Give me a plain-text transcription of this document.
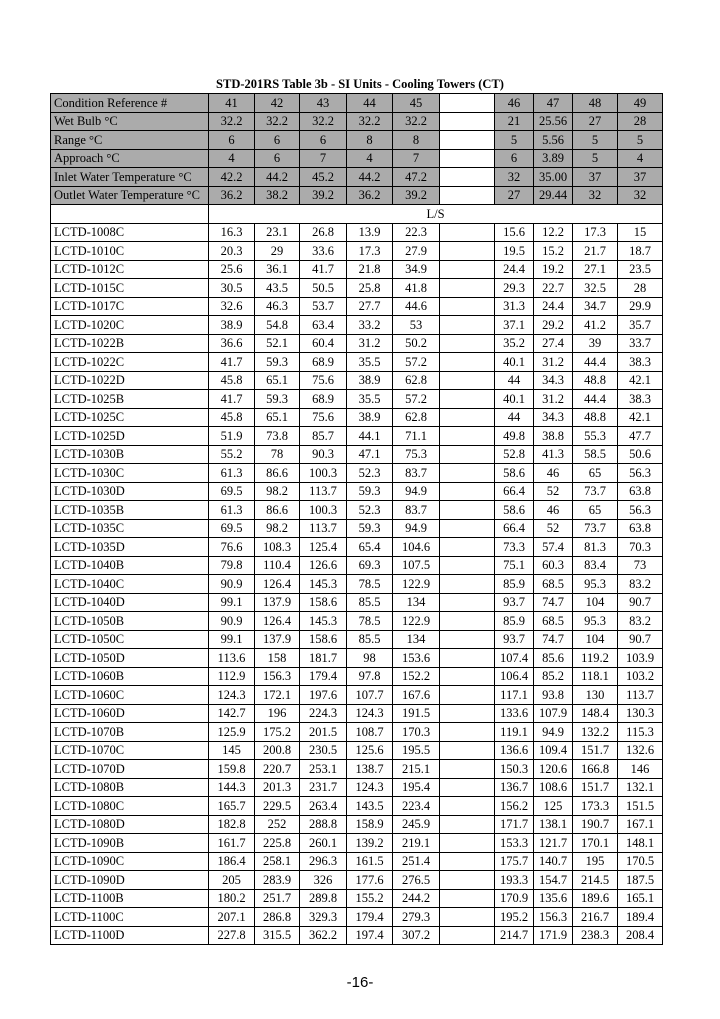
STD-201RS Table 3b - SI Units - Cooling Towers (CT)
Condition Reference #	41	42	43	44	45		46	47	48	49
Wet Bulb °C	32.2	32.2	32.2	32.2	32.2		21	25.56	27	28
Range °C	6	6	6	8	8		5	5.56	5	5
Approach °C	4	6	7	4	7		6	3.89	5	4
Inlet Water Temperature °C	42.2	44.2	45.2	44.2	47.2		32	35.00	37	37
Outlet Water Temperature °C	36.2	38.2	39.2	36.2	39.2		27	29.44	32	32
	L/S									
LCTD-1008C	16.3	23.1	26.8	13.9	22.3		15.6	12.2	17.3	15
LCTD-1010C	20.3	29	33.6	17.3	27.9		19.5	15.2	21.7	18.7
LCTD-1012C	25.6	36.1	41.7	21.8	34.9		24.4	19.2	27.1	23.5
LCTD-1015C	30.5	43.5	50.5	25.8	41.8		29.3	22.7	32.5	28
LCTD-1017C	32.6	46.3	53.7	27.7	44.6		31.3	24.4	34.7	29.9
LCTD-1020C	38.9	54.8	63.4	33.2	53		37.1	29.2	41.2	35.7
LCTD-1022B	36.6	52.1	60.4	31.2	50.2		35.2	27.4	39	33.7
LCTD-1022C	41.7	59.3	68.9	35.5	57.2		40.1	31.2	44.4	38.3
LCTD-1022D	45.8	65.1	75.6	38.9	62.8		44	34.3	48.8	42.1
LCTD-1025B	41.7	59.3	68.9	35.5	57.2		40.1	31.2	44.4	38.3
LCTD-1025C	45.8	65.1	75.6	38.9	62.8		44	34.3	48.8	42.1
LCTD-1025D	51.9	73.8	85.7	44.1	71.1		49.8	38.8	55.3	47.7
LCTD-1030B	55.2	78	90.3	47.1	75.3		52.8	41.3	58.5	50.6
LCTD-1030C	61.3	86.6	100.3	52.3	83.7		58.6	46	65	56.3
LCTD-1030D	69.5	98.2	113.7	59.3	94.9		66.4	52	73.7	63.8
LCTD-1035B	61.3	86.6	100.3	52.3	83.7		58.6	46	65	56.3
LCTD-1035C	69.5	98.2	113.7	59.3	94.9		66.4	52	73.7	63.8
LCTD-1035D	76.6	108.3	125.4	65.4	104.6		73.3	57.4	81.3	70.3
LCTD-1040B	79.8	110.4	126.6	69.3	107.5		75.1	60.3	83.4	73
LCTD-1040C	90.9	126.4	145.3	78.5	122.9		85.9	68.5	95.3	83.2
LCTD-1040D	99.1	137.9	158.6	85.5	134		93.7	74.7	104	90.7
LCTD-1050B	90.9	126.4	145.3	78.5	122.9		85.9	68.5	95.3	83.2
LCTD-1050C	99.1	137.9	158.6	85.5	134		93.7	74.7	104	90.7
LCTD-1050D	113.6	158	181.7	98	153.6		107.4	85.6	119.2	103.9
LCTD-1060B	112.9	156.3	179.4	97.8	152.2		106.4	85.2	118.1	103.2
LCTD-1060C	124.3	172.1	197.6	107.7	167.6		117.1	93.8	130	113.7
LCTD-1060D	142.7	196	224.3	124.3	191.5		133.6	107.9	148.4	130.3
LCTD-1070B	125.9	175.2	201.5	108.7	170.3		119.1	94.9	132.2	115.3
LCTD-1070C	145	200.8	230.5	125.6	195.5		136.6	109.4	151.7	132.6
LCTD-1070D	159.8	220.7	253.1	138.7	215.1		150.3	120.6	166.8	146
LCTD-1080B	144.3	201.3	231.7	124.3	195.4		136.7	108.6	151.7	132.1
LCTD-1080C	165.7	229.5	263.4	143.5	223.4		156.2	125	173.3	151.5
LCTD-1080D	182.8	252	288.8	158.9	245.9		171.7	138.1	190.7	167.1
LCTD-1090B	161.7	225.8	260.1	139.2	219.1		153.3	121.7	170.1	148.1
LCTD-1090C	186.4	258.1	296.3	161.5	251.4		175.7	140.7	195	170.5
LCTD-1090D	205	283.9	326	177.6	276.5		193.3	154.7	214.5	187.5
LCTD-1100B	180.2	251.7	289.8	155.2	244.2		170.9	135.6	189.6	165.1
LCTD-1100C	207.1	286.8	329.3	179.4	279.3		195.2	156.3	216.7	189.4
LCTD-1100D	227.8	315.5	362.2	197.4	307.2		214.7	171.9	238.3	208.4
-16-
